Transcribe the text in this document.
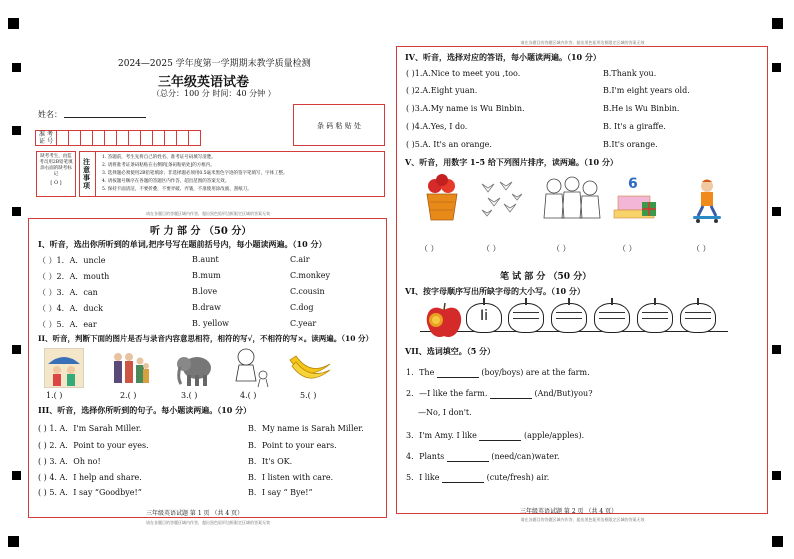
2024—2025 学年度第一学期期末教学质量检测
三年级英语试卷
（总分：100 分 时间：40 分钟 ）
姓名：
准 考
证 号
条 码 粘 贴 处
缺考考生，由监考员用2B铅笔填涂右面的缺考标记
[ O ]
注意事项
1. 答题前，考生先将自己的姓名、准考证号码填写清楚。
2. 请将准考证条码粘贴在右侧的[条码粘贴处]的方框内。
3. 选择题必须使用2B铅笔填涂；非选择题必须用0.5毫米黑色字迹的签字笔填写，字体工整。
4. 请按题号顺序在各题的答题区内作答，超出范围的答案无效。
5. 保持卡面清洁，不要折叠，不要弄破、弄皱，不准使用涂改液、刮纸刀。
请在各题目的答题区域内作答，超出黑色矩形边框限定区域的答案无效
请在各题目的答题区域内作答，超出黑色矩形边框限定区域的答案无效
听 力 部 分 （50 分）
I、听音，选出你所听到的单词,把序号写在题前括号内，每小题读两遍。（10 分）
（ ）1．A．uncle	B.aunt	C.air
（ ）2．A．mouth	B.mum	C.monkey
（ ）3．A．can	B.love	C.cousin
（ ）4．A．duck	B.draw	C.dog
（ ）5．A．ear	B. yellow	C.year
II、听音，判断下面的图片是否与录音内容意思相符，相符的写√，不相符的写×。读两遍。（10 分）
1.( )	2.( )	3.( )	4.( )	5.( )
III、听音，选择你所听到的句子。每小题读两遍。（10 分）
( ) 1. A．I'm Sarah Miller.	B．My name is Sarah Miller.
( ) 2. A．Point to your eyes.	B．Point to your ears.
( ) 3. A．Oh no!	B．It's OK.
( ) 4. A．I help and share.	B．I listen with care.
( ) 5. A．I say “Goodbye!”	B．I say “ Bye!”
三年级英语试题 第 1 页 （共 4 页）
请在各题目的答题区域内作答，超出黑色矩形边框限定区域的答案无效
请在各题目的答题区域内作答，超出黑色矩形边框限定区域的答案无效
IV、听音，选择对应的答语，每小题读两遍。（10 分）
( )1.A.Nice to meet you ,too.	B.Thank you.
( )2.A.Eight yuan.	B.I'm eight years old.
( )3.A.My name is Wu Binbin.	B.He is Wu Binbin.
( )4.A.Yes, I do.	B. It's a giraffe.
( )5.A. It's an orange.	B.It's orange.
V、听音，用数字 1–5 给下列图片排序，读两遍。（10 分）
6
（ ）	（ ）	（ ）	（ ）	（ ）
笔 试 部 分 （50 分）
VI、按字母顺序写出所缺字母的大小写。（10 分）
Ii
VII、选词填空。（5 分）
1．The	(boy/boys) are at the farm.
2．—I like the farm.	(And/But)you?
—No, I don't.
3．I'm Amy. I like	(apple/apples).
4．Plants	(need/can)water.
5．I like	(cute/fresh) air.
三年级英语试题 第 2 页 （共 4 页）
